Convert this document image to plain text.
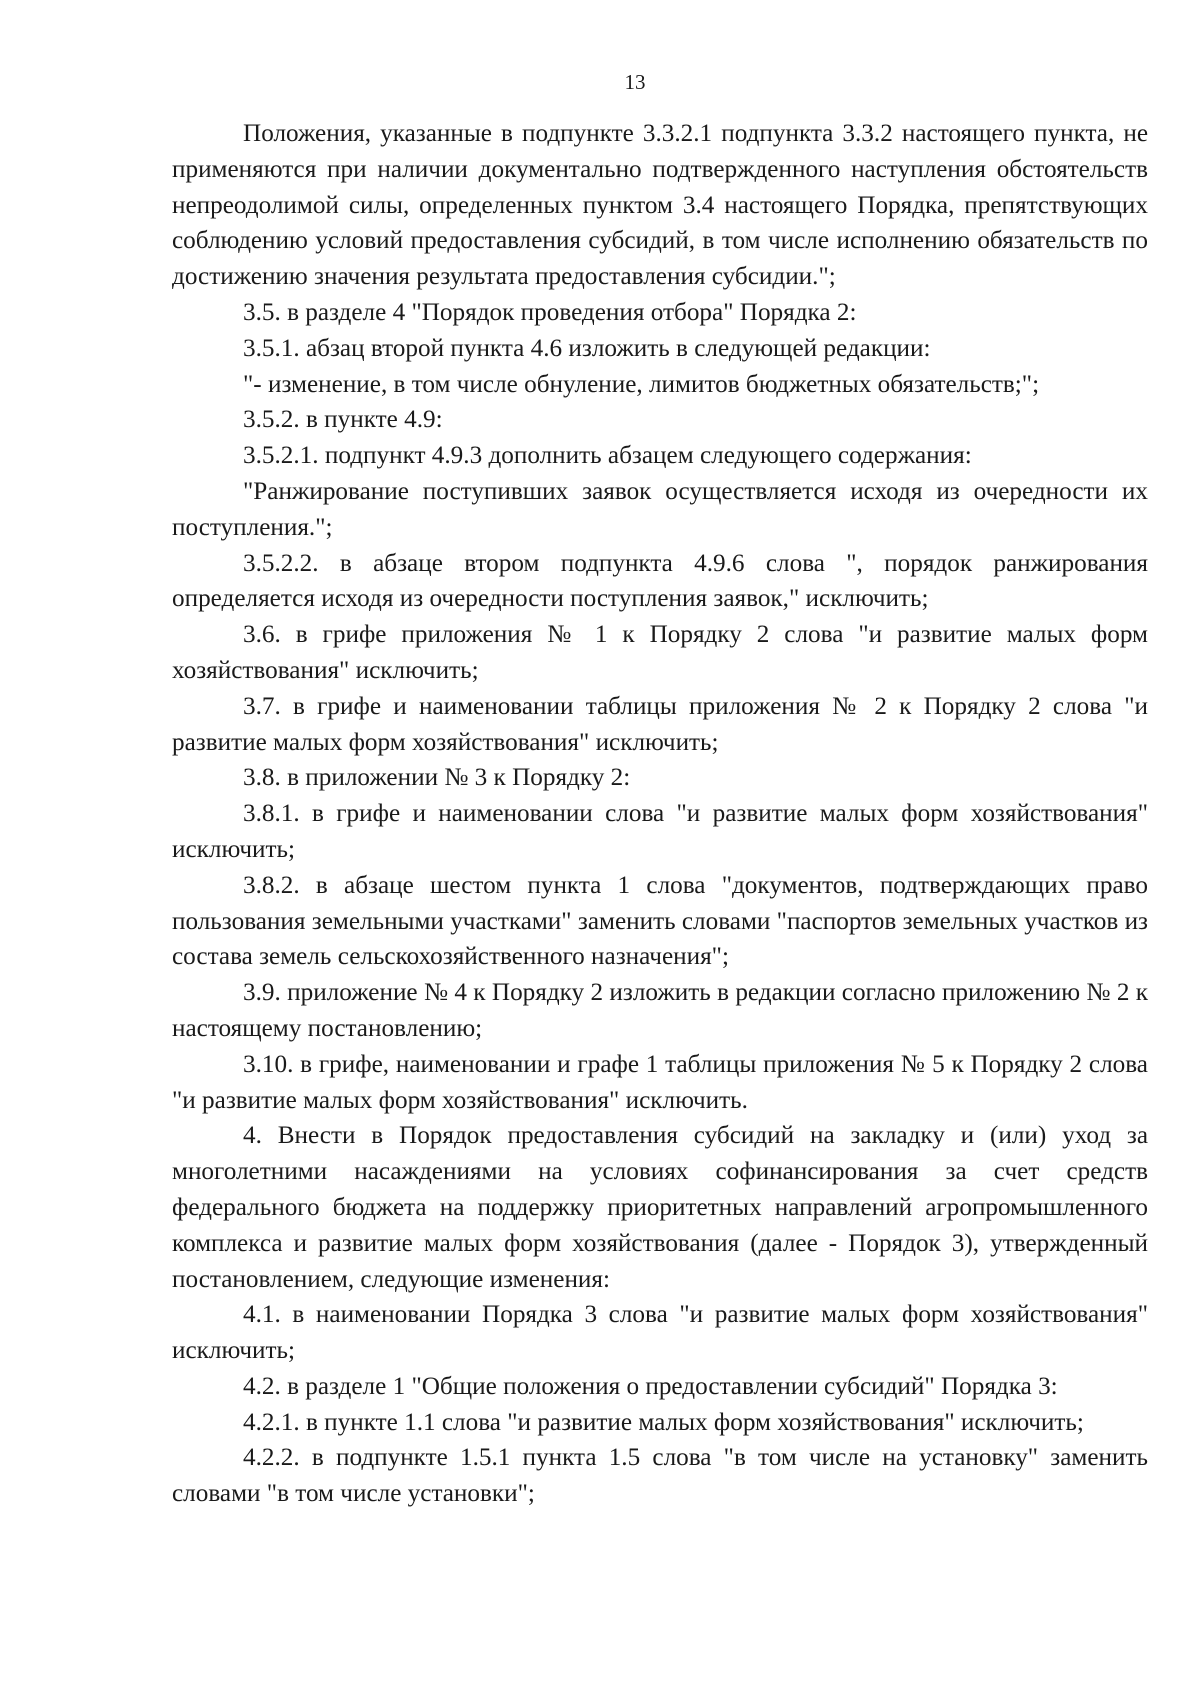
13

Положения, указанные в подпункте 3.3.2.1 подпункта 3.3.2 настоящего пункта, не применяются при наличии документально подтвержденного наступления обстоятельств непреодолимой силы, определенных пунктом 3.4 настоящего Порядка, препятствующих соблюдению условий предоставления субсидий, в том числе исполнению обязательств по достижению значения результата предоставления субсидии.";

3.5. в разделе 4 "Порядок проведения отбора" Порядка 2:

3.5.1. абзац второй пункта 4.6 изложить в следующей редакции:

"- изменение, в том числе обнуление, лимитов бюджетных обязательств;";

3.5.2. в пункте 4.9:

3.5.2.1. подпункт 4.9.3 дополнить абзацем следующего содержания:

"Ранжирование поступивших заявок осуществляется исходя из очередности их поступления.";

3.5.2.2. в абзаце втором подпункта 4.9.6 слова ", порядок ранжирования определяется исходя из очередности поступления заявок," исключить;

3.6. в грифе приложения № 1 к Порядку 2 слова "и развитие малых форм хозяйствования" исключить;

3.7. в грифе и наименовании таблицы приложения № 2 к Порядку 2 слова "и развитие малых форм хозяйствования" исключить;

3.8. в приложении № 3 к Порядку 2:

3.8.1. в грифе и наименовании слова "и развитие малых форм хозяйствования" исключить;

3.8.2. в абзаце шестом пункта 1 слова "документов, подтверждающих право пользования земельными участками" заменить словами "паспортов земельных участков из состава земель сельскохозяйственного назначения";

3.9. приложение № 4 к Порядку 2 изложить в редакции согласно приложению № 2 к настоящему постановлению;

3.10. в грифе, наименовании и графе 1 таблицы приложения № 5 к Порядку 2 слова "и развитие малых форм хозяйствования" исключить.

4. Внести в Порядок предоставления субсидий на закладку и (или) уход за многолетними насаждениями на условиях софинансирования за счет средств федерального бюджета на поддержку приоритетных направлений агропромышленного комплекса и развитие малых форм хозяйствования (далее - Порядок 3), утвержденный постановлением, следующие изменения:

4.1. в наименовании Порядка 3 слова "и развитие малых форм хозяйствования" исключить;

4.2. в разделе 1 "Общие положения о предоставлении субсидий" Порядка 3:

4.2.1. в пункте 1.1 слова "и развитие малых форм хозяйствования" исключить;

4.2.2. в подпункте 1.5.1 пункта 1.5 слова "в том числе на установку" заменить словами "в том числе установки";
